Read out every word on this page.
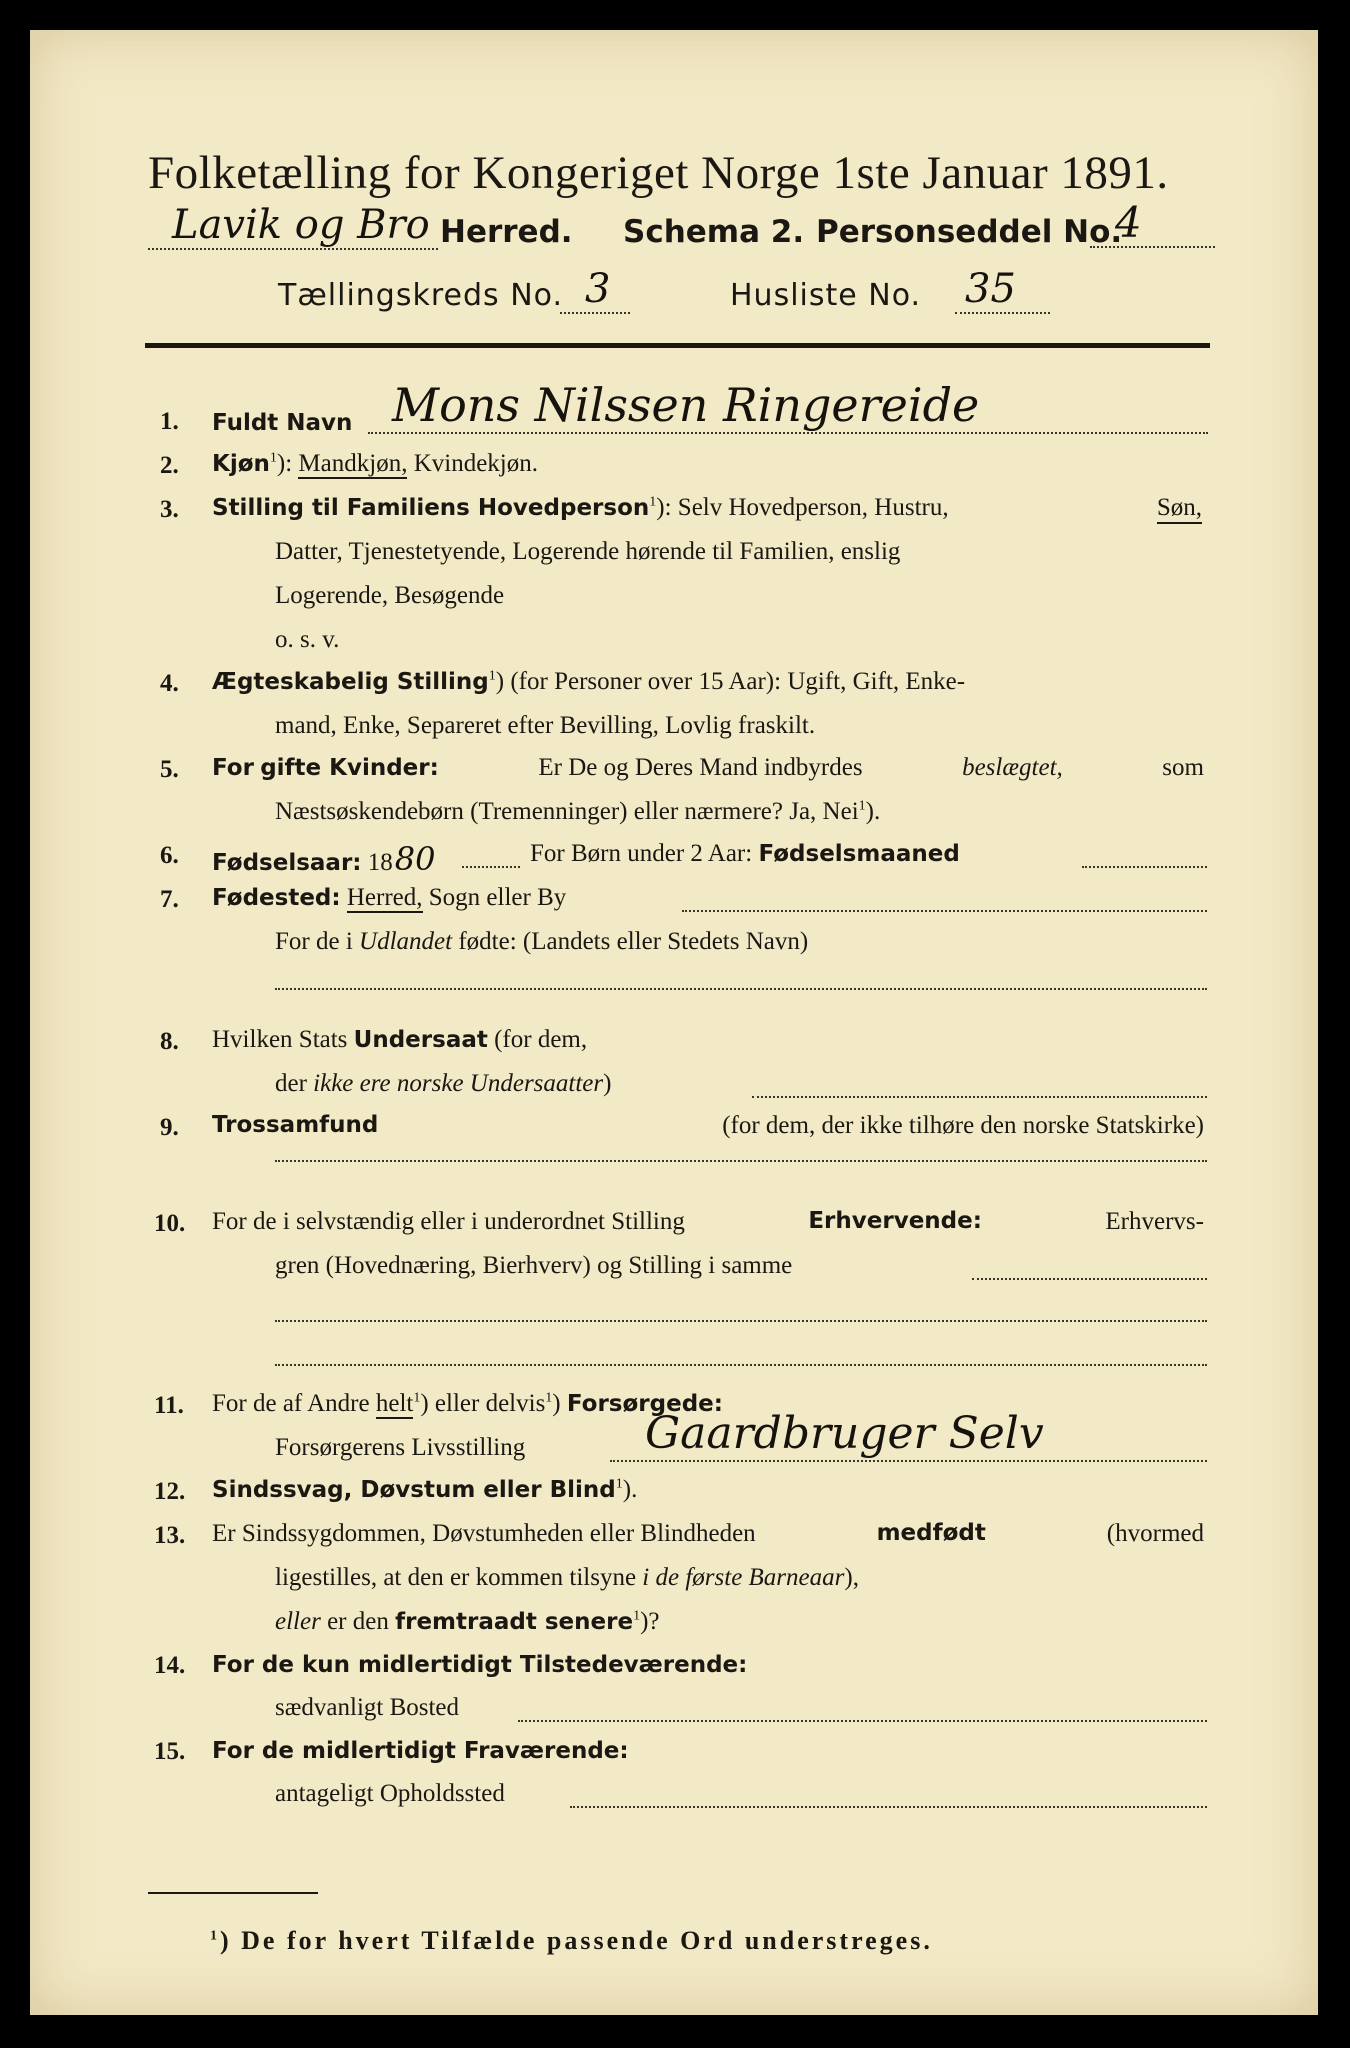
Folketælling for Kongeriget Norge 1ste Januar 1891.
Lavik og Bro Herred. Schema 2. Personseddel No.
4
Tællingskreds No. 3	Husliste No. 35
1. Fuldt Navn Mons Nilssen Ringereide
2. Kjøn$^1$): Mandkjøn, Kvindekjøn.
3. Stilling til Familiens Hovedperson$^1$): Selv Hovedperson, Hustru,	Søn,
Datter, Tjenestetyende, Logerende hørende til Familien, enslig
Logerende, Besøgende
o. s. v.
4. Ægteskabelig Stilling$^1$) (for Personer over 15 Aar): Ugift, Gift, Enke-
mand, Enke, Separeret efter Bevilling, Lovlig fraskilt.
5. For gifte Kvinder:	Er De og Deres Mand indbyrdes	beslægtet,	som
Næstsøskendebørn (Tremenninger) eller nærmere? Ja, Nei$^1$).
6. Fødselsaar: 1880	For Børn under 2 Aar: Fødselsmaaned
7. Fødested: Herred, Sogn eller By
For de i Udlandet fødte: (Landets eller Stedets Navn)
8. Hvilken Stats Undersaat (for dem,
der ikke ere norske Undersaatter)
9. Trossamfund	(for dem, der ikke tilhøre den norske Statskirke)
10. For de i selvstændig eller i underordnet Stilling	Erhvervende:	Erhvervs-
gren (Hovednæring, Bierhverv) og Stilling i samme
11. For de af Andre helt$^1$) eller delvis$^1$) Forsørgede:
Forsørgerens Livsstilling	Gaardbruger Selv
12. Sindssvag, Døvstum eller Blind$^1$).
13. Er Sindssygdommen, Døvstumheden eller Blindheden	medfødt	(hvormed
ligestilles, at den er kommen tilsyne i de første Barneaar),
eller er den fremtraadt senere$^1$)?
14. For de kun midlertidigt Tilstedeværende:
sædvanligt Bosted
15. For de midlertidigt Fraværende:
antageligt Opholdssted
$^1$) De for hvert Tilfælde passende Ord understreges.
